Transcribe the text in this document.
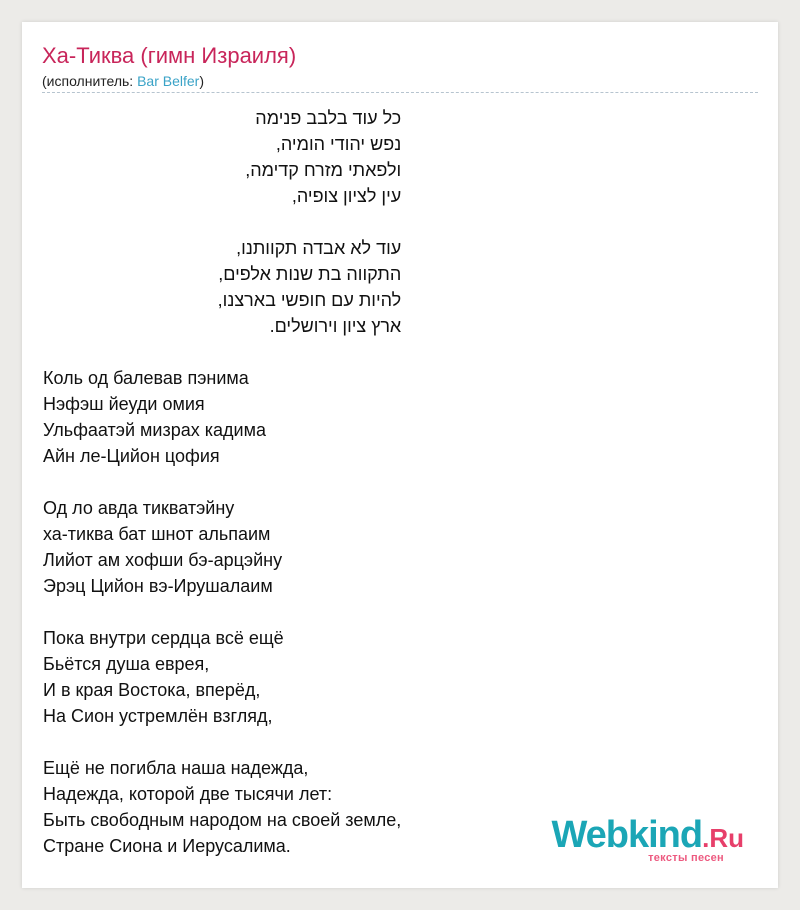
Ха-Тиква (гимн Израиля)
(исполнитель: Bar Belfer)
כל עוד בלבב פנימה
נפש יהודי הומיה,
ולפאתי מזרח קדימה,
עין לציון צופיה,
עוד לא אבדה תקוותנו,
התקווה בת שנות אלפים,
להיות עם חופשי בארצנו,
ארץ ציון וירושלים.
Коль од балевав пэнима
Нэфэш йеуди омия
Ульфаатэй мизрах кадима
Айн ле-Цийон цофия
Од ло авда тикватэйну
ха-тиква бат шнот альпаим
Лийот ам хофши бэ-арцэйну
Эрэц Цийон вэ-Ирушалаим
Пока внутри сердца всё ещё
Бьётся душа еврея,
И в края Востока, вперёд,
На Сион устремлён взгляд,
Ещё не погибла наша надежда,
Надежда, которой две тысячи лет:
Быть свободным народом на своей земле,
Стране Сиона и Иерусалима.	Webkind.Ru
тексты песен
